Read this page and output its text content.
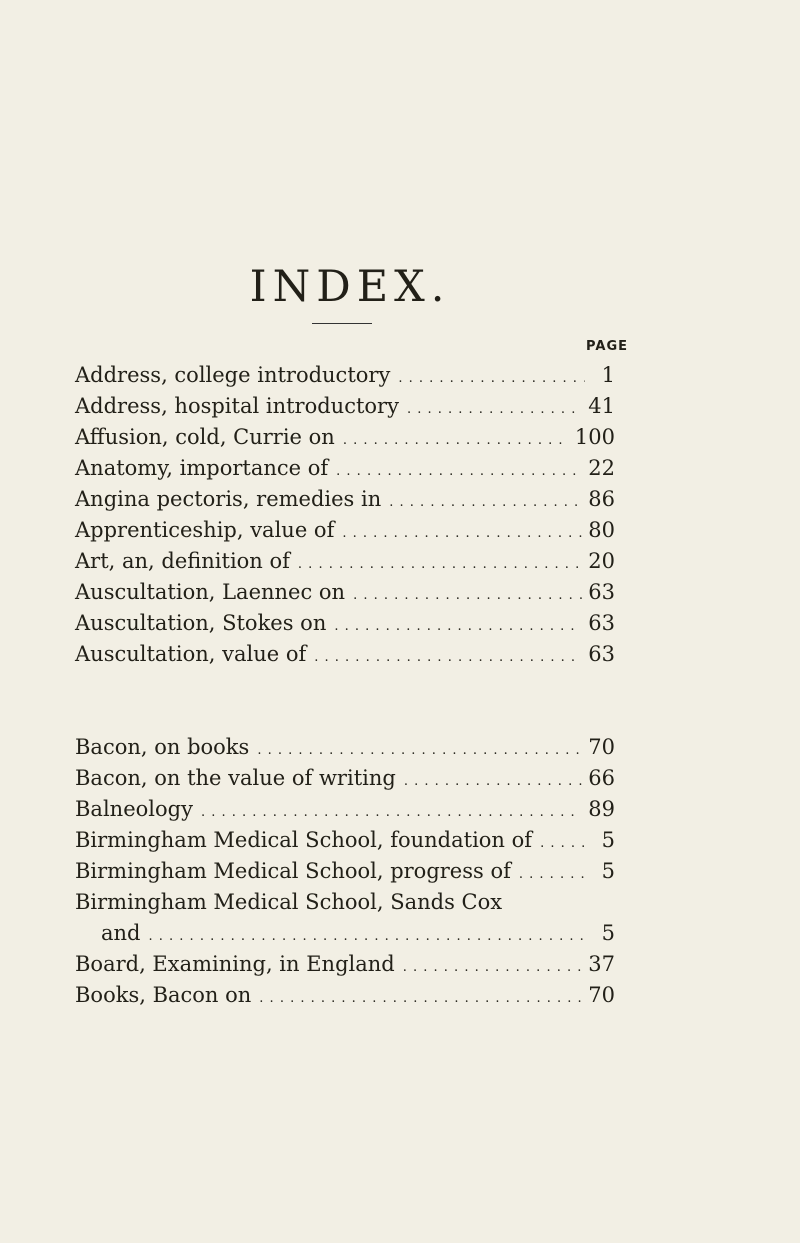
INDEX.
PAGE
Address, college introductory . . .	1
Address, hospital introductory . . .	41
Affusion, cold, Currie on . . .	100
Anatomy, importance of . . .	22
Angina pectoris, remedies in . . .	86
Apprenticeship, value of . . .	80
Art, an, definition of . . .	20
Auscultation, Laennec on . . .	63
Auscultation, Stokes on . . .	63
Auscultation, value of . . .	63
Bacon, on books . . .	70
Bacon, on the value of writing . . .	66
Balneology . . .	89
Birmingham Medical School, foundation of . . .	5
Birmingham Medical School, progress of . . .	5
Birmingham Medical School, Sands Cox
and . . .	5
Board, Examining, in England . . .	37
Books, Bacon on . . .	70
